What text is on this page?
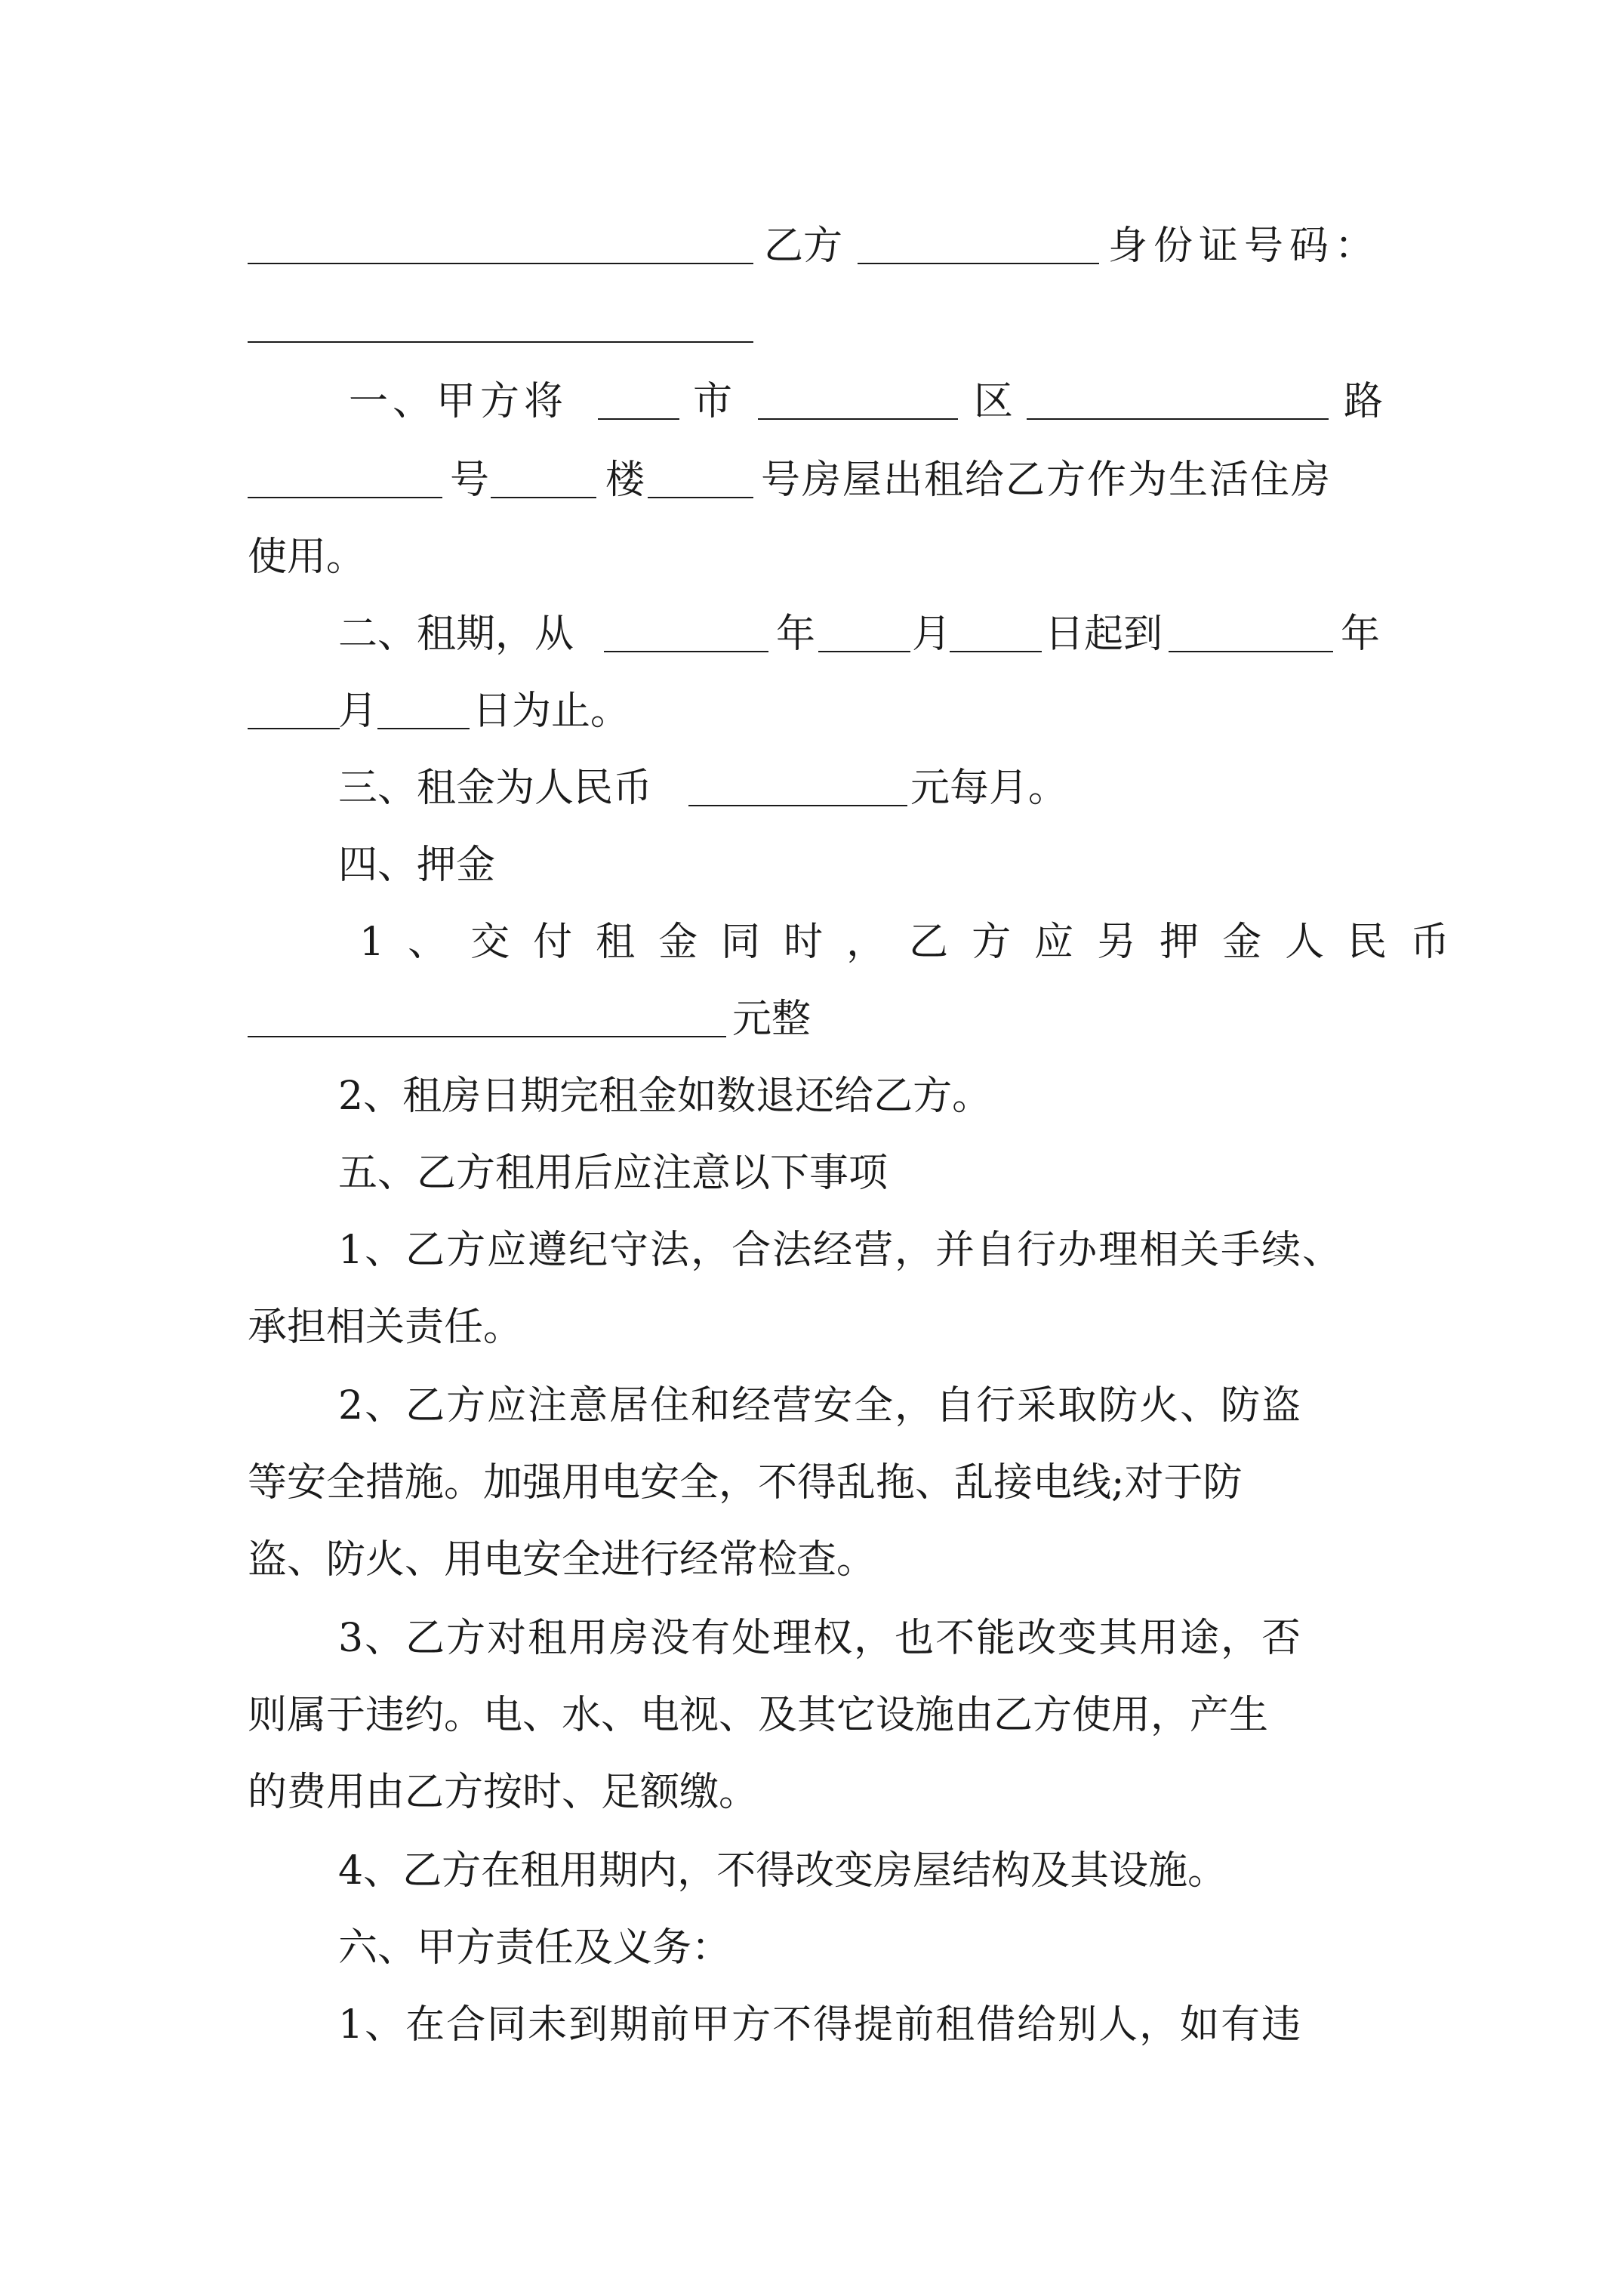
乙方	身份证号码：
一、甲方将	市	区	路
号	楼	号房屋出租给乙方作为生活住房
使用。
二、租期，从	年 月 日起到	年
月 日为止。
三、租金为人民币	元每月。
四、押金
1、交付租金同时，乙方应另押金人民币
元整
2、租房日期完租金如数退还给乙方。
五、乙方租用后应注意以下事项
1、乙方应遵纪守法，合法经营，并自行办理相关手续、
承担相关责任。
2、乙方应注意居住和经营安全，自行采取防火、防盗
等安全措施。加强用电安全，不得乱拖、乱接电线;对于防
盗、防火、用电安全进行经常检查。
3、乙方对租用房没有处理权，也不能改变其用途，否
则属于违约。电、水、电视、及其它设施由乙方使用，产生
的费用由乙方按时、足额缴。
4、乙方在租用期内，不得改变房屋结构及其设施。
六、甲方责任及义务：
1、在合同未到期前甲方不得提前租借给别人，如有违
